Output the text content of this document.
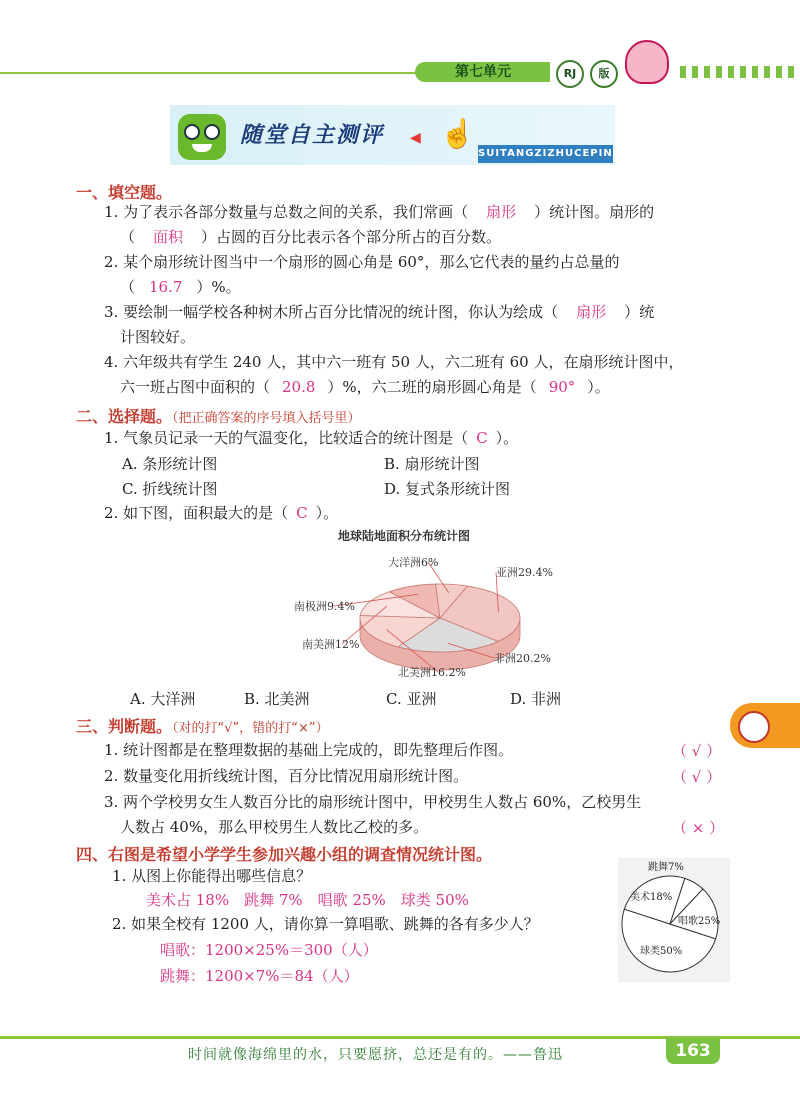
第七单元	RJ	版
随堂自主测评 ◀ ☝
SUITANGZIZHUCEPING
一、填空题。
1. 为了表示各部分数量与总数之间的关系，我们常画（ 扇形 ）统计图。扇形的
（ 面积 ）占圆的百分比表示各个部分所占的百分数。
2. 某个扇形统计图当中一个扇形的圆心角是 60°，那么它代表的量约占总量的
（ 16.7 ）%。
3. 要绘制一幅学校各种树木所占百分比情况的统计图，你认为绘成（ 扇形 ）统
计图较好。
4. 六年级共有学生 240 人，其中六一班有 50 人，六二班有 60 人，在扇形统计图中，
六一班占图中面积的（ 20.8 ）%，六二班的扇形圆心角是（ 90° ）。
二、选择题。（把正确答案的序号填入括号里）
1. 气象员记录一天的气温变化，比较适合的统计图是（ C ）。
A. 条形统计图	B. 扇形统计图
C. 折线统计图	D. 复式条形统计图
2. 如下图，面积最大的是（ C ）。
地球陆地面积分布统计图
亚洲29.4%
非洲20.2%
北美洲16.2%
南美洲12%
南极洲9.4%
大洋洲6%
A. 大洋洲	B. 北美洲	C. 亚洲	D. 非洲
三、判断题。（对的打“√”，错的打“×”）
1. 统计图都是在整理数据的基础上完成的，即先整理后作图。	（ √ ）
2. 数量变化用折线统计图，百分比情况用扇形统计图。	（ √ ）
3. 两个学校男女生人数百分比的扇形统计图中，甲校男生人数占 60%，乙校男生
人数占 40%，那么甲校男生人数比乙校的多。	（ × ）
四、右图是希望小学学生参加兴趣小组的调查情况统计图。
1. 从图上你能得出哪些信息？
美术占 18%　跳舞 7%　唱歌 25%　球类 50%
2. 如果全校有 1200 人，请你算一算唱歌、跳舞的各有多少人？
唱歌：1200×25%＝300（人）
跳舞：1200×7%＝84（人）
球类50%
唱歌25%
跳舞7%
美术18%
时间就像海绵里的水，只要愿挤，总还是有的。——鲁迅	163
